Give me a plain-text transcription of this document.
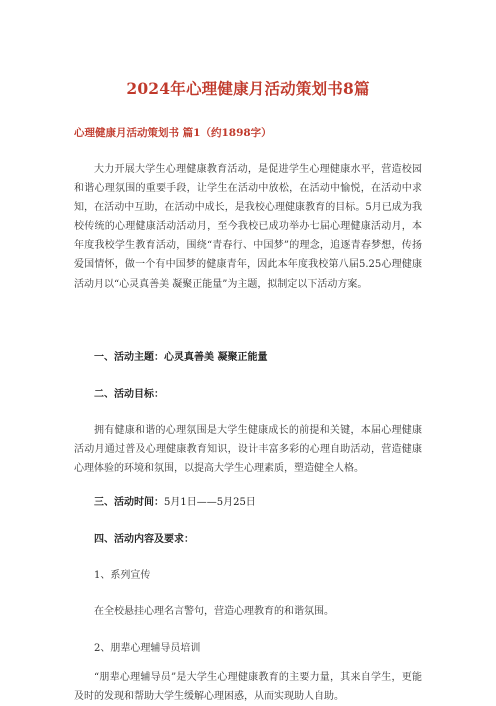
2024年心理健康月活动策划书8篇
心理健康月活动策划书 篇1（约1898字）
大力开展大学生心理健康教育活动，是促进学生心理健康水平，营造校园和谐心理氛围的重要手段，让学生在活动中放松，在活动中愉悦，在活动中求知，在活动中互助，在活动中成长，是我校心理健康教育的目标。5月已成为我校传统的心理健康活动活动月，至今我校已成功举办七届心理健康活动月，本年度我校学生教育活动，围绕“青春行、中国梦”的理念，追逐青春梦想，传扬爱国情怀，做一个有中国梦的健康青年，因此本年度我校第八届5.25心理健康活动月以“心灵真善美 凝聚正能量”为主题，拟制定以下活动方案。
一、活动主题：心灵真善美 凝聚正能量
二、活动目标：
拥有健康和谐的心理氛围是大学生健康成长的前提和关键，本届心理健康活动月通过普及心理健康教育知识，设计丰富多彩的心理自助活动，营造健康心理体验的环境和氛围，以提高大学生心理素质，塑造健全人格。
三、活动时间：5月1日——5月25日
四、活动内容及要求：
1、系列宣传
在全校悬挂心理名言警句，营造心理教育的和谐氛围。
2、朋辈心理辅导员培训
“朋辈心理辅导员”是大学生心理健康教育的主要力量，其来自学生，更能及时的发现和帮助大学生缓解心理困惑，从而实现助人自助。
